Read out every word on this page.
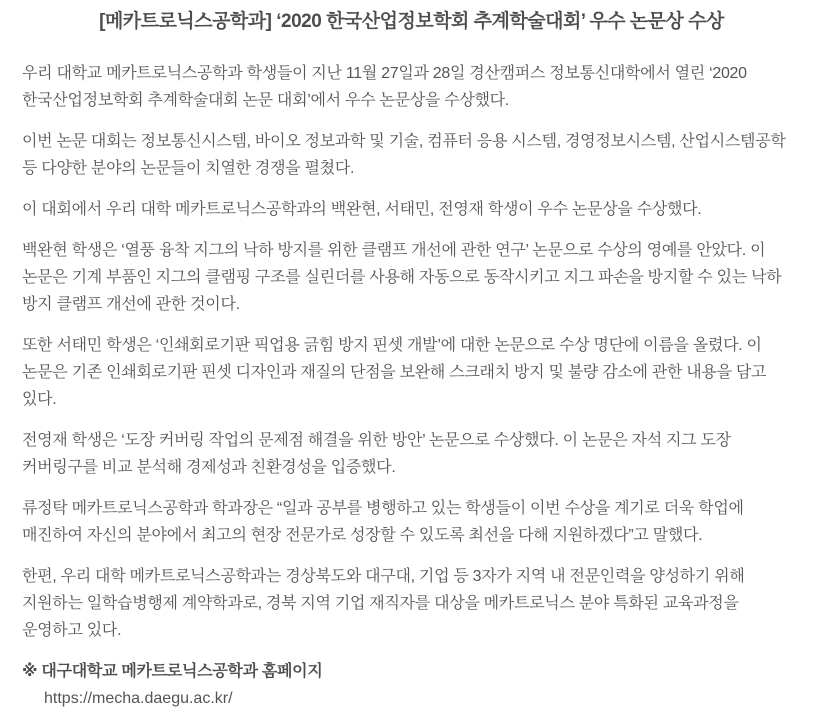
[메카트로닉스공학과] ‘2020 한국산업정보학회 추계학술대회’ 우수 논문상 수상

우리 대학교 메카트로닉스공학과 학생들이 지난 11월 27일과 28일 경산캠퍼스 정보통신대학에서 열린 ‘2020 한국산업정보학회 추계학술대회 논문 대회’에서 우수 논문상을 수상했다.

이번 논문 대회는 정보통신시스템, 바이오 정보과학 및 기술, 컴퓨터 응용 시스템, 경영정보시스템, 산업시스템공학 등 다양한 분야의 논문들이 치열한 경쟁을 펼쳤다.

이 대회에서 우리 대학 메카트로닉스공학과의 백완현, 서태민, 전영재 학생이 우수 논문상을 수상했다.

백완현 학생은 ‘열풍 융착 지그의 낙하 방지를 위한 클램프 개선에 관한 연구’ 논문으로 수상의 영예를 안았다. 이 논문은 기계 부품인 지그의 클램핑 구조를 실린더를 사용해 자동으로 동작시키고 지그 파손을 방지할 수 있는 낙하 방지 클램프 개선에 관한 것이다.

또한 서태민 학생은 ‘인쇄회로기판 픽업용 긁힘 방지 핀셋 개발’에 대한 논문으로 수상 명단에 이름을 올렸다. 이 논문은 기존 인쇄회로기판 핀셋 디자인과 재질의 단점을 보완해 스크래치 방지 및 불량 감소에 관한 내용을 담고 있다.

전영재 학생은 ‘도장 커버링 작업의 문제점 해결을 위한 방안’ 논문으로 수상했다. 이 논문은 자석 지그 도장 커버링구를 비교 분석해 경제성과 친환경성을 입증했다.

류정탁 메카트로닉스공학과 학과장은 “일과 공부를 병행하고 있는 학생들이 이번 수상을 계기로 더욱 학업에 매진하여 자신의 분야에서 최고의 현장 전문가로 성장할 수 있도록 최선을 다해 지원하겠다”고 말했다.

한편, 우리 대학 메카트로닉스공학과는 경상북도와 대구대, 기업 등 3자가 지역 내 전문인력을 양성하기 위해 지원하는 일학습병행제 계약학과로, 경북 지역 기업 재직자를 대상을 메카트로닉스 분야 특화된 교육과정을 운영하고 있다.

※ 대구대학교 메카트로닉스공학과 홈페이지

https://mecha.daegu.ac.kr/
